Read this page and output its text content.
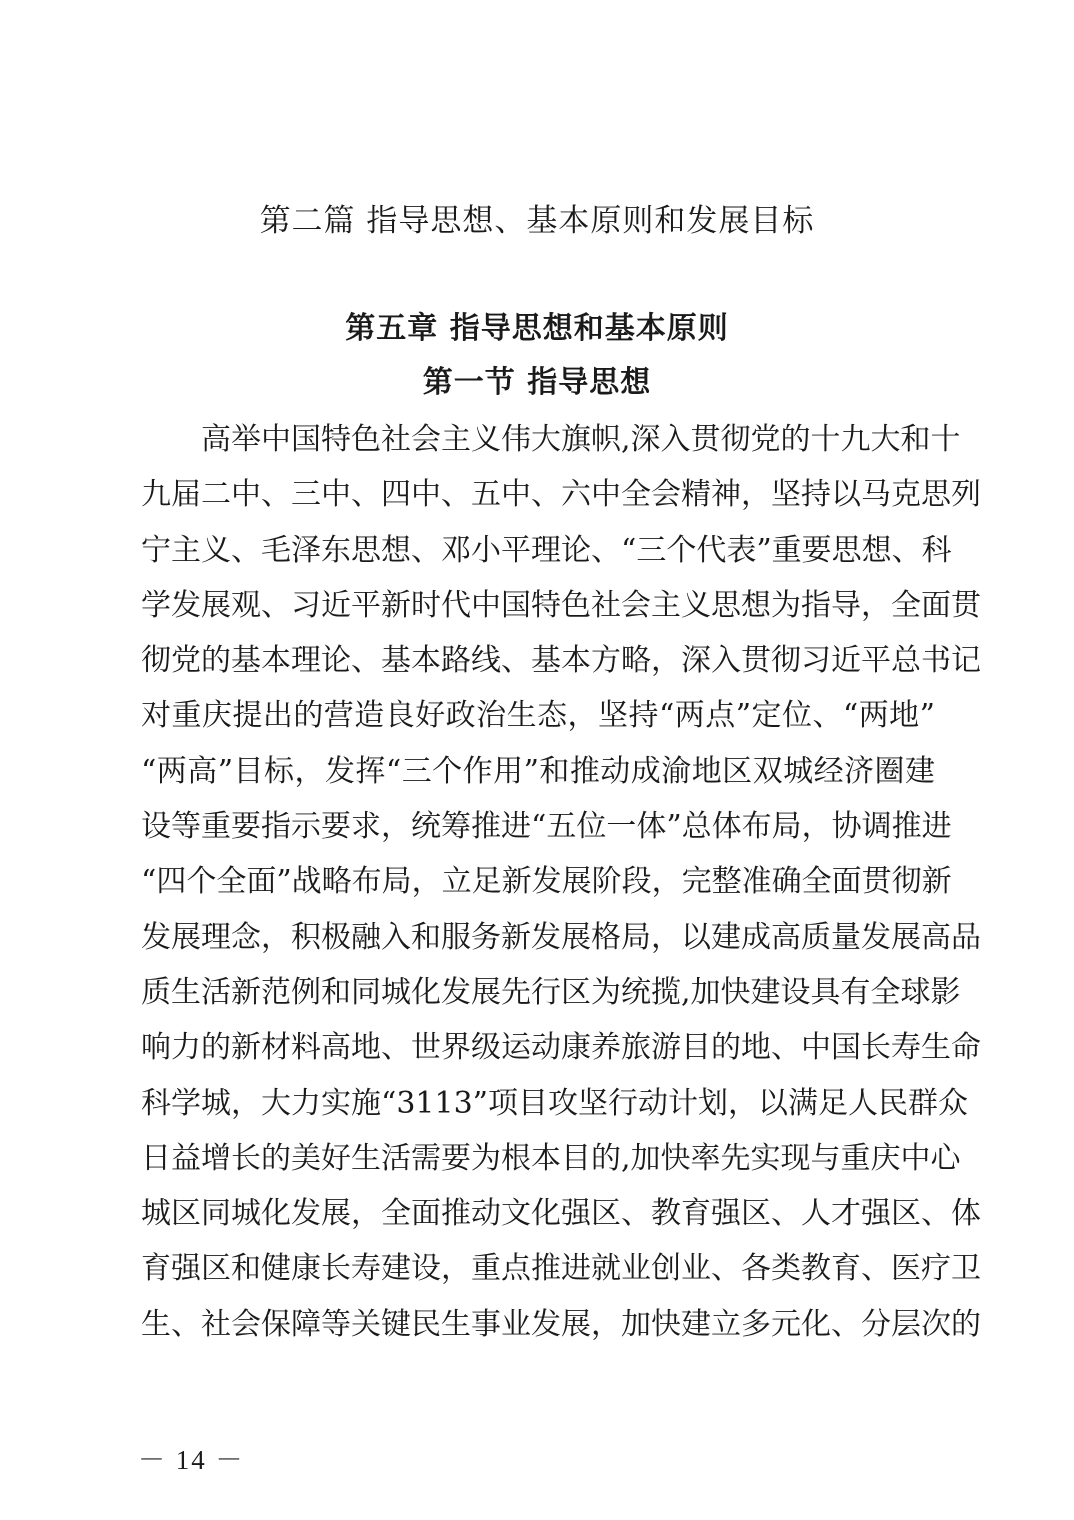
第二篇 指导思想、基本原则和发展目标
第五章 指导思想和基本原则
第一节 指导思想
　　高举中国特色社会主义伟大旗帜,深入贯彻党的十九大和十
九届二中、三中、四中、五中、六中全会精神，坚持以马克思列
宁主义、毛泽东思想、邓小平理论、“三个代表”重要思想、科
学发展观、习近平新时代中国特色社会主义思想为指导，全面贯
彻党的基本理论、基本路线、基本方略，深入贯彻习近平总书记
对重庆提出的营造良好政治生态，坚持“两点”定位、“两地”
“两高”目标，发挥“三个作用”和推动成渝地区双城经济圈建
设等重要指示要求，统筹推进“五位一体”总体布局，协调推进
“四个全面”战略布局，立足新发展阶段，完整准确全面贯彻新
发展理念，积极融入和服务新发展格局，以建成高质量发展高品
质生活新范例和同城化发展先行区为统揽,加快建设具有全球影
响力的新材料高地、世界级运动康养旅游目的地、中国长寿生命
科学城，大力实施“3113”项目攻坚行动计划，以满足人民群众
日益增长的美好生活需要为根本目的,加快率先实现与重庆中心
城区同城化发展，全面推动文化强区、教育强区、人才强区、体
育强区和健康长寿建设，重点推进就业创业、各类教育、医疗卫
生、社会保障等关键民生事业发展，加快建立多元化、分层次的
－ 14 －
